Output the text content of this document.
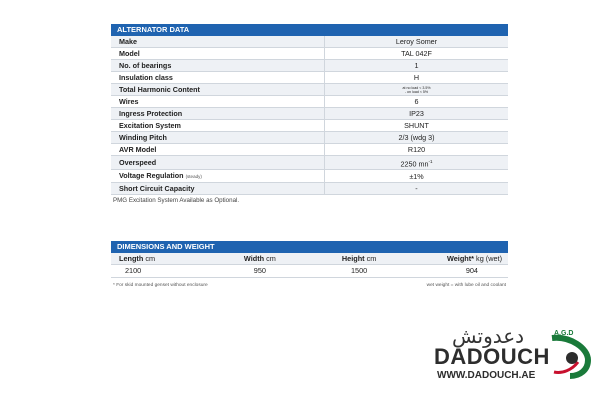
ALTERNATOR DATA
Make	Leroy Somer
Model	TAL 042F
No. of bearings	1
Insulation class	H
Total Harmonic Content	at no load < 3.5%
- on load < 5%
Wires	6
Ingress Protection	IP23
Excitation System	SHUNT
Winding Pitch	2/3 (wdg 3)
AVR Model	R120
Overspeed	2250 $mn^{-1}$
Voltage Regulation (steady)	±1%
Short Circuit Capacity	-
PMG Excitation System Available as Optional.
DIMENSIONS AND WEIGHT
Length cm	Width cm	Height cm	Weight* kg (wet)
2100	950	1500	904
* For skid mounted genset without enclosure	wet weight = with lube oil and coolant
A.G.D
دعدوتش
DADOUCH
WWW.DADOUCH.AE
